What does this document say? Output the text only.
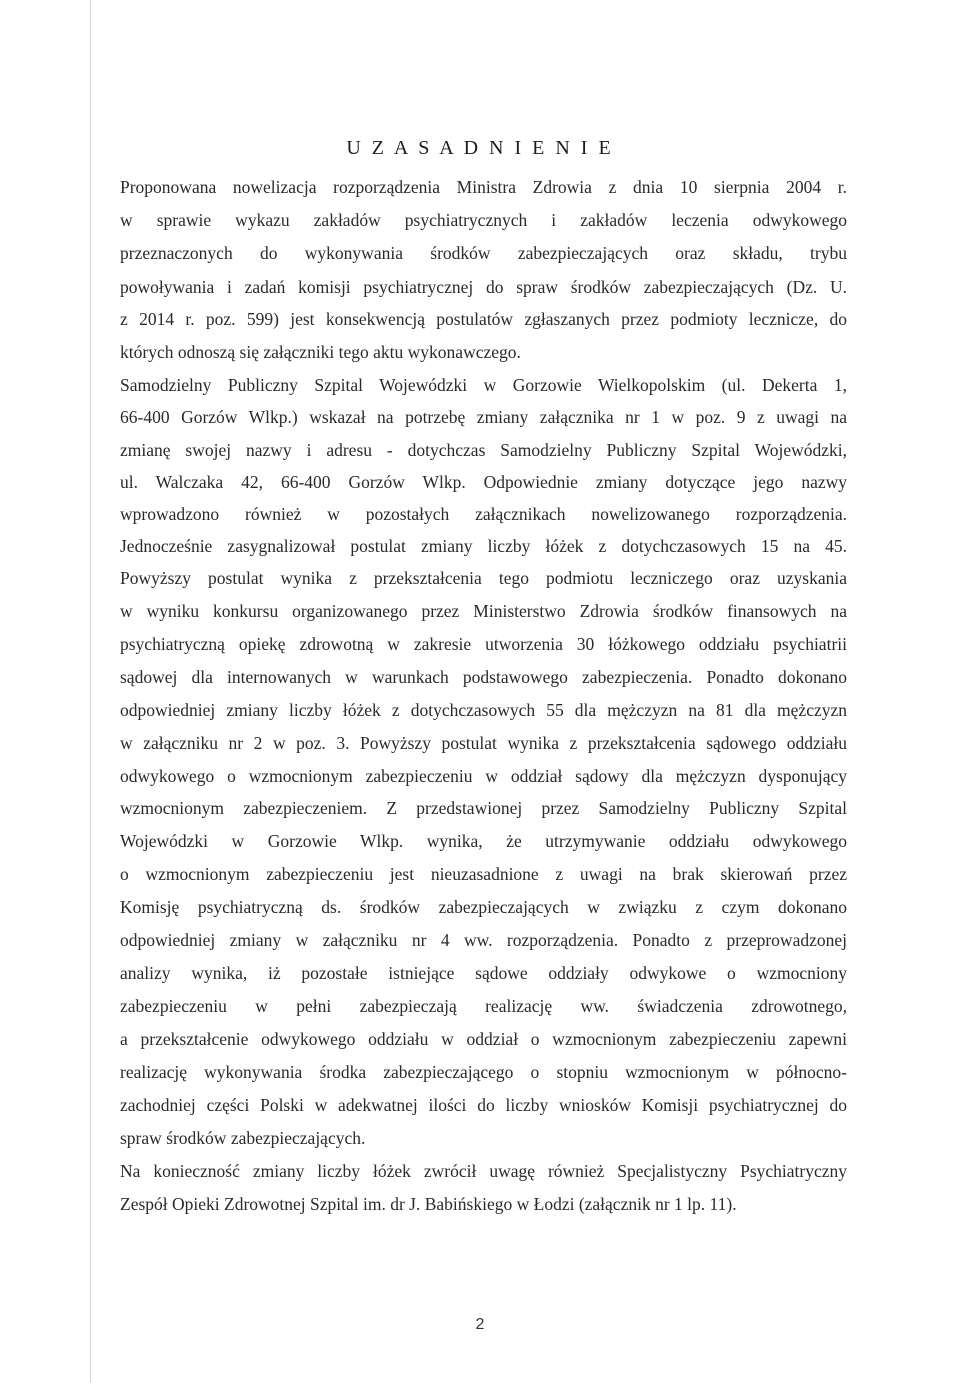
U Z A S A D N I E N I E
Proponowana nowelizacja rozporządzenia Ministra Zdrowia z dnia 10 sierpnia 2004 r.
w sprawie wykazu zakładów psychiatrycznych i zakładów leczenia odwykowego
przeznaczonych do wykonywania środków zabezpieczających oraz składu, trybu
powoływania i zadań komisji psychiatrycznej do spraw środków zabezpieczających (Dz. U.
z 2014 r. poz. 599) jest konsekwencją postulatów zgłaszanych przez podmioty lecznicze, do
których odnoszą się załączniki tego aktu wykonawczego.
Samodzielny Publiczny Szpital Wojewódzki w Gorzowie Wielkopolskim (ul. Dekerta 1,
66-400 Gorzów Wlkp.) wskazał na potrzebę zmiany załącznika nr 1 w poz. 9 z uwagi na
zmianę swojej nazwy i adresu - dotychczas Samodzielny Publiczny Szpital Wojewódzki,
ul. Walczaka 42, 66-400 Gorzów Wlkp. Odpowiednie zmiany dotyczące jego nazwy
wprowadzono również w pozostałych załącznikach nowelizowanego rozporządzenia.
Jednocześnie zasygnalizował postulat zmiany liczby łóżek z dotychczasowych 15 na 45.
Powyższy postulat wynika z przekształcenia tego podmiotu leczniczego oraz uzyskania
w wyniku konkursu organizowanego przez Ministerstwo Zdrowia środków finansowych na
psychiatryczną opiekę zdrowotną w zakresie utworzenia 30 łóżkowego oddziału psychiatrii
sądowej dla internowanych w warunkach podstawowego zabezpieczenia. Ponadto dokonano
odpowiedniej zmiany liczby łóżek z dotychczasowych 55 dla mężczyzn na 81 dla mężczyzn
w załączniku nr 2 w poz. 3. Powyższy postulat wynika z przekształcenia sądowego oddziału
odwykowego o wzmocnionym zabezpieczeniu w oddział sądowy dla mężczyzn dysponujący
wzmocnionym zabezpieczeniem. Z przedstawionej przez Samodzielny Publiczny Szpital
Wojewódzki w Gorzowie Wlkp. wynika, że utrzymywanie oddziału odwykowego
o wzmocnionym zabezpieczeniu jest nieuzasadnione z uwagi na brak skierowań przez
Komisję psychiatryczną ds. środków zabezpieczających w związku z czym dokonano
odpowiedniej zmiany w załączniku nr 4 ww. rozporządzenia. Ponadto z przeprowadzonej
analizy wynika, iż pozostałe istniejące sądowe oddziały odwykowe o wzmocniony
zabezpieczeniu w pełni zabezpieczają realizację ww. świadczenia zdrowotnego,
a przekształcenie odwykowego oddziału w oddział o wzmocnionym zabezpieczeniu zapewni
realizację wykonywania środka zabezpieczającego o stopniu wzmocnionym w północno-
zachodniej części Polski w adekwatnej ilości do liczby wniosków Komisji psychiatrycznej do
spraw środków zabezpieczających.
Na konieczność zmiany liczby łóżek zwrócił uwagę również Specjalistyczny Psychiatryczny
Zespół Opieki Zdrowotnej Szpital im. dr J. Babińskiego w Łodzi (załącznik nr 1 lp. 11).
2
